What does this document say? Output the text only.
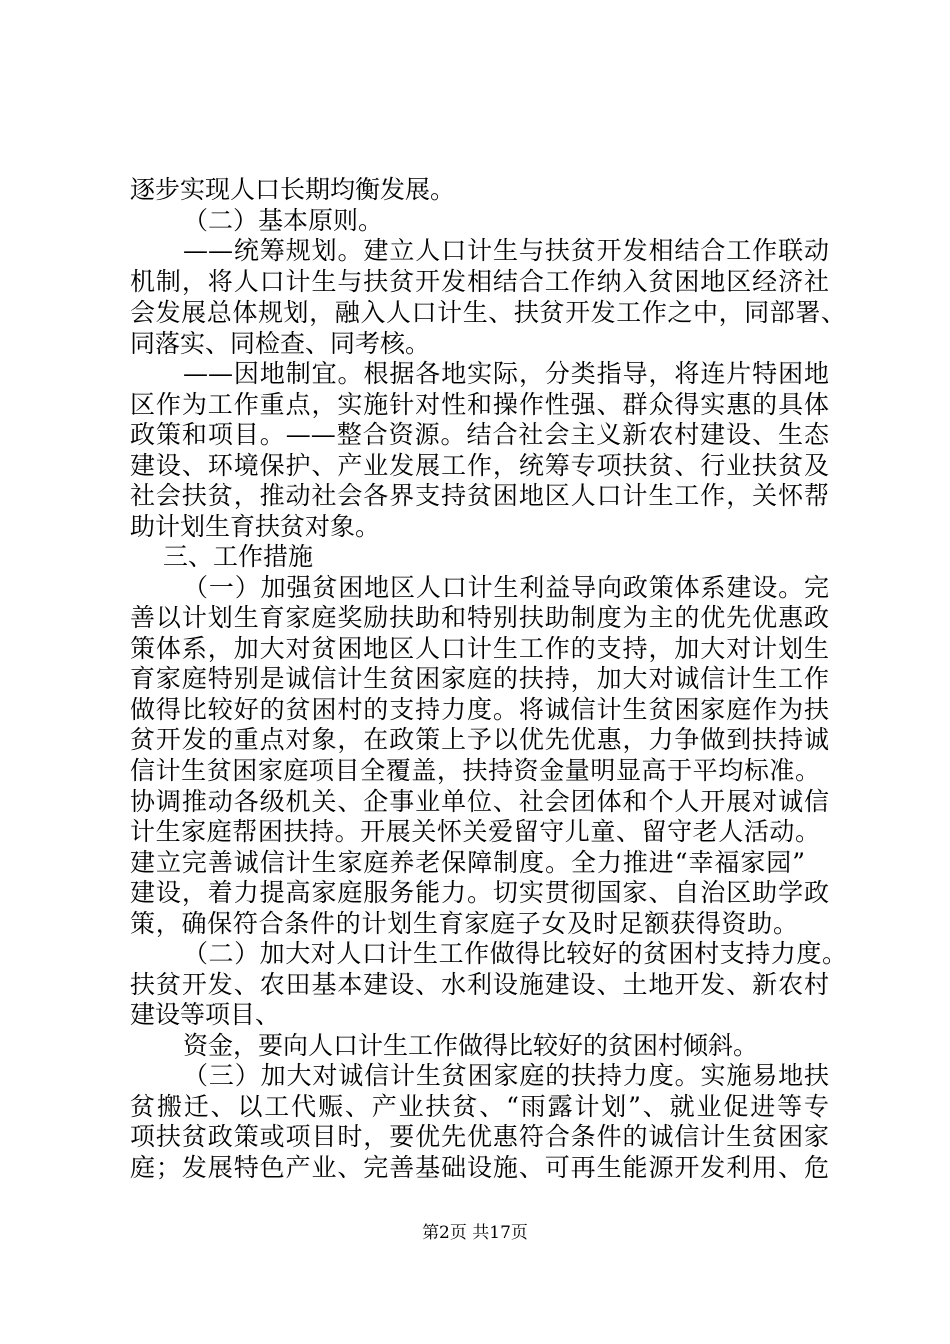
逐步实现人口长期均衡发展。
（二）基本原则。
——统筹规划。建立人口计生与扶贫开发相结合工作联动
机制，将人口计生与扶贫开发相结合工作纳入贫困地区经济社
会发展总体规划，融入人口计生、扶贫开发工作之中，同部署、
同落实、同检查、同考核。
——因地制宜。根据各地实际，分类指导，将连片特困地
区作为工作重点，实施针对性和操作性强、群众得实惠的具体
政策和项目。——整合资源。结合社会主义新农村建设、生态
建设、环境保护、产业发展工作，统筹专项扶贫、行业扶贫及
社会扶贫，推动社会各界支持贫困地区人口计生工作，关怀帮
助计划生育扶贫对象。
三、工作措施
（一）加强贫困地区人口计生利益导向政策体系建设。完
善以计划生育家庭奖励扶助和特别扶助制度为主的优先优惠政
策体系，加大对贫困地区人口计生工作的支持，加大对计划生
育家庭特别是诚信计生贫困家庭的扶持，加大对诚信计生工作
做得比较好的贫困村的支持力度。将诚信计生贫困家庭作为扶
贫开发的重点对象，在政策上予以优先优惠，力争做到扶持诚
信计生贫困家庭项目全覆盖，扶持资金量明显高于平均标准。
协调推动各级机关、企事业单位、社会团体和个人开展对诚信
计生家庭帮困扶持。开展关怀关爱留守儿童、留守老人活动。
建立完善诚信计生家庭养老保障制度。全力推进“幸福家园”
建设，着力提高家庭服务能力。切实贯彻国家、自治区助学政
策，确保符合条件的计划生育家庭子女及时足额获得资助。
（二）加大对人口计生工作做得比较好的贫困村支持力度。
扶贫开发、农田基本建设、水利设施建设、土地开发、新农村
建设等项目、
资金，要向人口计生工作做得比较好的贫困村倾斜。
（三）加大对诚信计生贫困家庭的扶持力度。实施易地扶
贫搬迁、以工代赈、产业扶贫、“雨露计划”、就业促进等专
项扶贫政策或项目时，要优先优惠符合条件的诚信计生贫困家
庭；发展特色产业、完善基础设施、可再生能源开发利用、危
第2页 共17页
